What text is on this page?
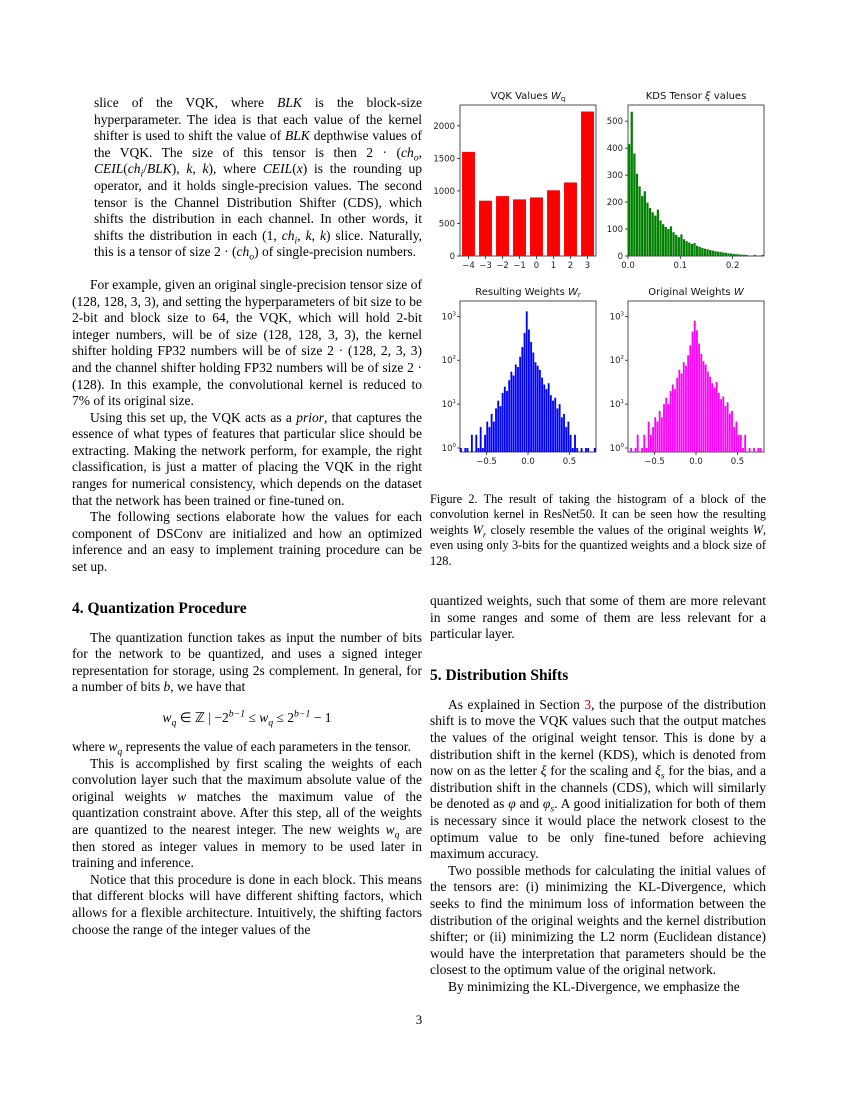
slice of the VQK, where BLK is the block-size hyperparameter. The idea is that each value of the kernel shifter is used to shift the value of BLK depthwise values of the VQK. The size of this tensor is then $2 \cdot (ch_o$, $CEIL(ch_i/BLK)$, k, k), where CEIL(x) is the rounding up operator, and it holds single-precision values. The second tensor is the Channel Distribution Shifter (CDS), which shifts the distribution in each channel. In other words, it shifts the distribution in each (1, $ch_i$, k, k) slice. Naturally, this is a tensor of size $2 \cdot (ch_o)$ of single-precision numbers.

For example, given an original single-precision tensor size of (128, 128, 3, 3), and setting the hyperparameters of bit size to be 2-bit and block size to 64, the VQK, which will hold 2-bit integer numbers, will be of size (128, 128, 3, 3), the kernel shifter holding FP32 numbers will be of size 2 · (128, 2, 3, 3) and the channel shifter holding FP32 numbers will be of size 2 · (128). In this example, the convolutional kernel is reduced to 7% of its original size.

Using this set up, the VQK acts as a prior, that captures the essence of what types of features that particular slice should be extracting. Making the network perform, for example, the right classification, is just a matter of placing the VQK in the right ranges for numerical consistency, which depends on the dataset that the network has been trained or fine-tuned on.

The following sections elaborate how the values for each component of DSConv are initialized and how an optimized inference and an easy to implement training procedure can be set up.

4. Quantization Procedure

The quantization function takes as input the number of bits for the network to be quantized, and uses a signed integer representation for storage, using 2s complement. In general, for a number of bits b, we have that

$w_q$ ∈ ℤ | $-2^{b-1} \le w_q \le 2^{b-1} - 1$

where $w_q$ represents the value of each parameters in the tensor.

This is accomplished by first scaling the weights of each convolution layer such that the maximum absolute value of the original weights w matches the maximum value of the quantization constraint above. After this step, all of the weights are quantized to the nearest integer. The new weights $w_q$ are then stored as integer values in memory to be used later in training and inference.

Notice that this procedure is done in each block. This means that different blocks will have different shifting factors, which allows for a flexible architecture. Intuitively, the shifting factors choose the range of the integer values of the

VQK Values $W_q$
0
500
1000
1500
2000
−4 −3 −2 −1 0 1 2 3
KDS Tensor ξ values
0
100
200
300
400
500
0.0	0.1	0.2
Resulting Weights $W_r$
$10^0$
$10^1$
$10^2$
$10^3$
−0.5	0.0	0.5
Original Weights W
$10^0$
$10^1$
$10^2$
$10^3$
−0.5	0.0	0.5

Figure 2. The result of taking the histogram of a block of the convolution kernel in ResNet50. It can be seen how the resulting weights $W_r$ closely resemble the values of the original weights W, even using only 3-bits for the quantized weights and a block size of 128.

quantized weights, such that some of them are more relevant in some ranges and some of them are less relevant for a particular layer.

5. Distribution Shifts

As explained in Section 3, the purpose of the distribution shift is to move the VQK values such that the output matches the values of the original weight tensor. This is done by a distribution shift in the kernel (KDS), which is denoted from now on as the letter ξ for the scaling and $\xi_s$ for the bias, and a distribution shift in the channels (CDS), which will similarly be denoted as φ and $\varphi_s$. A good initialization for both of them is necessary since it would place the network closest to the optimum value to be only fine-tuned before achieving maximum accuracy.

Two possible methods for calculating the initial values of the tensors are: (i) minimizing the KL-Divergence, which seeks to find the minimum loss of information between the distribution of the original weights and the kernel distribution shifter; or (ii) minimizing the L2 norm (Euclidean distance) would have the interpretation that parameters should be the closest to the optimum value of the original network.

By minimizing the KL-Divergence, we emphasize the

3
